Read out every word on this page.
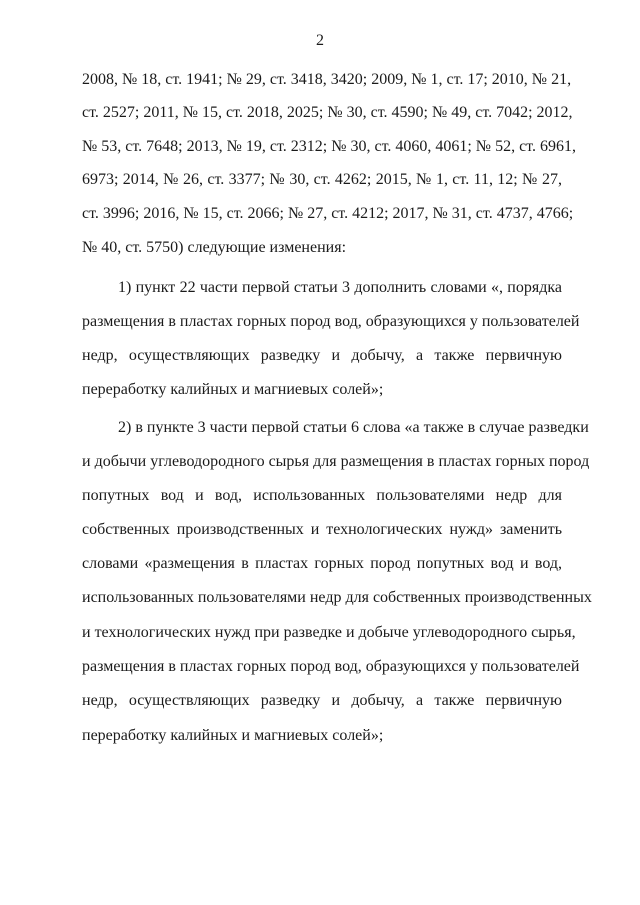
2
2008, № 18, ст. 1941; № 29, ст. 3418, 3420; 2009, № 1, ст. 17; 2010, № 21,
ст. 2527; 2011, № 15, ст. 2018, 2025; № 30, ст. 4590; № 49, ст. 7042; 2012,
№ 53, ст. 7648; 2013, № 19, ст. 2312; № 30, ст. 4060, 4061; № 52, ст. 6961,
6973; 2014, № 26, ст. 3377; № 30, ст. 4262; 2015, № 1, ст. 11, 12; № 27,
ст. 3996; 2016, № 15, ст. 2066; № 27, ст. 4212; 2017, № 31, ст. 4737, 4766;
№ 40, ст. 5750) следующие изменения:
1) пункт 22 части первой статьи 3 дополнить словами «, порядка
размещения в пластах горных пород вод, образующихся у пользователей
недр, осуществляющих разведку и добычу, а также первичную
переработку калийных и магниевых солей»;
2) в пункте 3 части первой статьи 6 слова «а также в случае разведки
и добычи углеводородного сырья для размещения в пластах горных пород
попутных вод и вод, использованных пользователями недр для
собственных производственных и технологических нужд» заменить
словами «размещения в пластах горных пород попутных вод и вод,
использованных пользователями недр для собственных производственных
и технологических нужд при разведке и добыче углеводородного сырья,
размещения в пластах горных пород вод, образующихся у пользователей
недр, осуществляющих разведку и добычу, а также первичную
переработку калийных и магниевых солей»;
